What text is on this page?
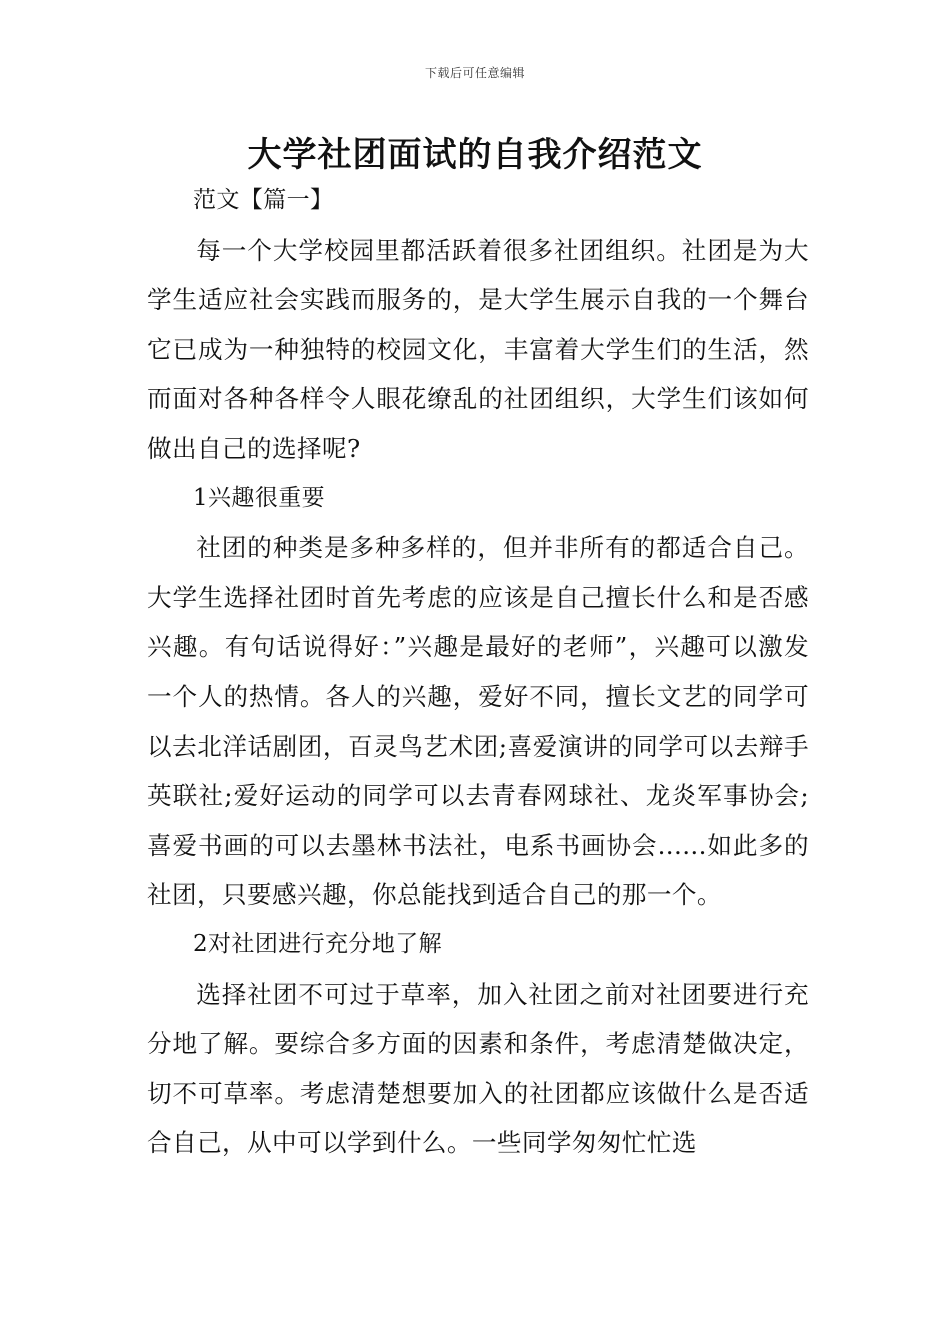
下载后可任意编辑
大学社团面试的自我介绍范文

范文【篇一】

每一个大学校园里都活跃着很多社团组织。社团是为大学生适应社会实践而服务的，是大学生展示自我的一个舞台它已成为一种独特的校园文化，丰富着大学生们的生活，然而面对各种各样令人眼花缭乱的社团组织，大学生们该如何做出自己的选择呢?

1兴趣很重要

社团的种类是多种多样的，但并非所有的都适合自己。大学生选择社团时首先考虑的应该是自己擅长什么和是否感兴趣。有句话说得好：”兴趣是最好的老师”，兴趣可以激发一个人的热情。各人的兴趣，爱好不同，擅长文艺的同学可以去北洋话剧团，百灵鸟艺术团;喜爱演讲的同学可以去辩手英联社;爱好运动的同学可以去青春网球社、龙炎军事协会;喜爱书画的可以去墨林书法社，电系书画协会......如此多的社团，只要感兴趣，你总能找到适合自己的那一个。

2对社团进行充分地了解

选择社团不可过于草率，加入社团之前对社团要进行充分地了解。要综合多方面的因素和条件，考虑清楚做决定，切不可草率。考虑清楚想要加入的社团都应该做什么是否适合自己，从中可以学到什么。一些同学匆匆忙忙选
